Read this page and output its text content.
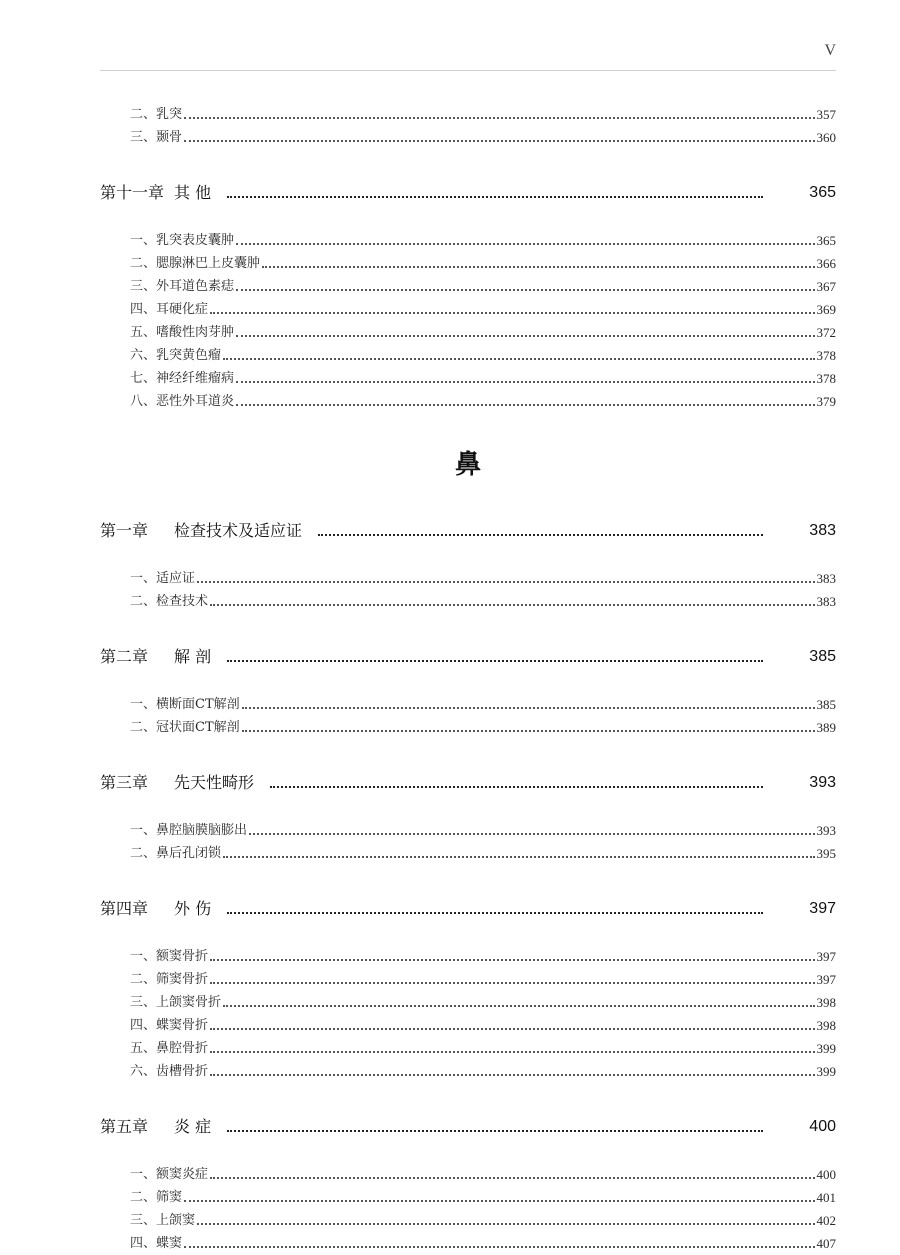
V
二、乳突	357
三、颞骨	360
第十一章 其 他	365
一、乳突表皮囊肿	365
二、腮腺淋巴上皮囊肿	366
三、外耳道色素痣	367
四、耳硬化症	369
五、嗜酸性肉芽肿	372
六、乳突黄色瘤	378
七、神经纤维瘤病	378
八、恶性外耳道炎	379
鼻
第一章	检查技术及适应证	383
一、适应证	383
二、检查技术	383
第二章	解 剖	385
一、横断面CT解剖	385
二、冠状面CT解剖	389
第三章	先天性畸形	393
一、鼻腔脑膜脑膨出	393
二、鼻后孔闭锁	395
第四章	外 伤	397
一、额窦骨折	397
二、筛窦骨折	397
三、上颌窦骨折	398
四、蝶窦骨折	398
五、鼻腔骨折	399
六、齿槽骨折	399
第五章	炎 症	400
一、额窦炎症	400
二、筛窦	401
三、上颌窦	402
四、蝶窦	407
